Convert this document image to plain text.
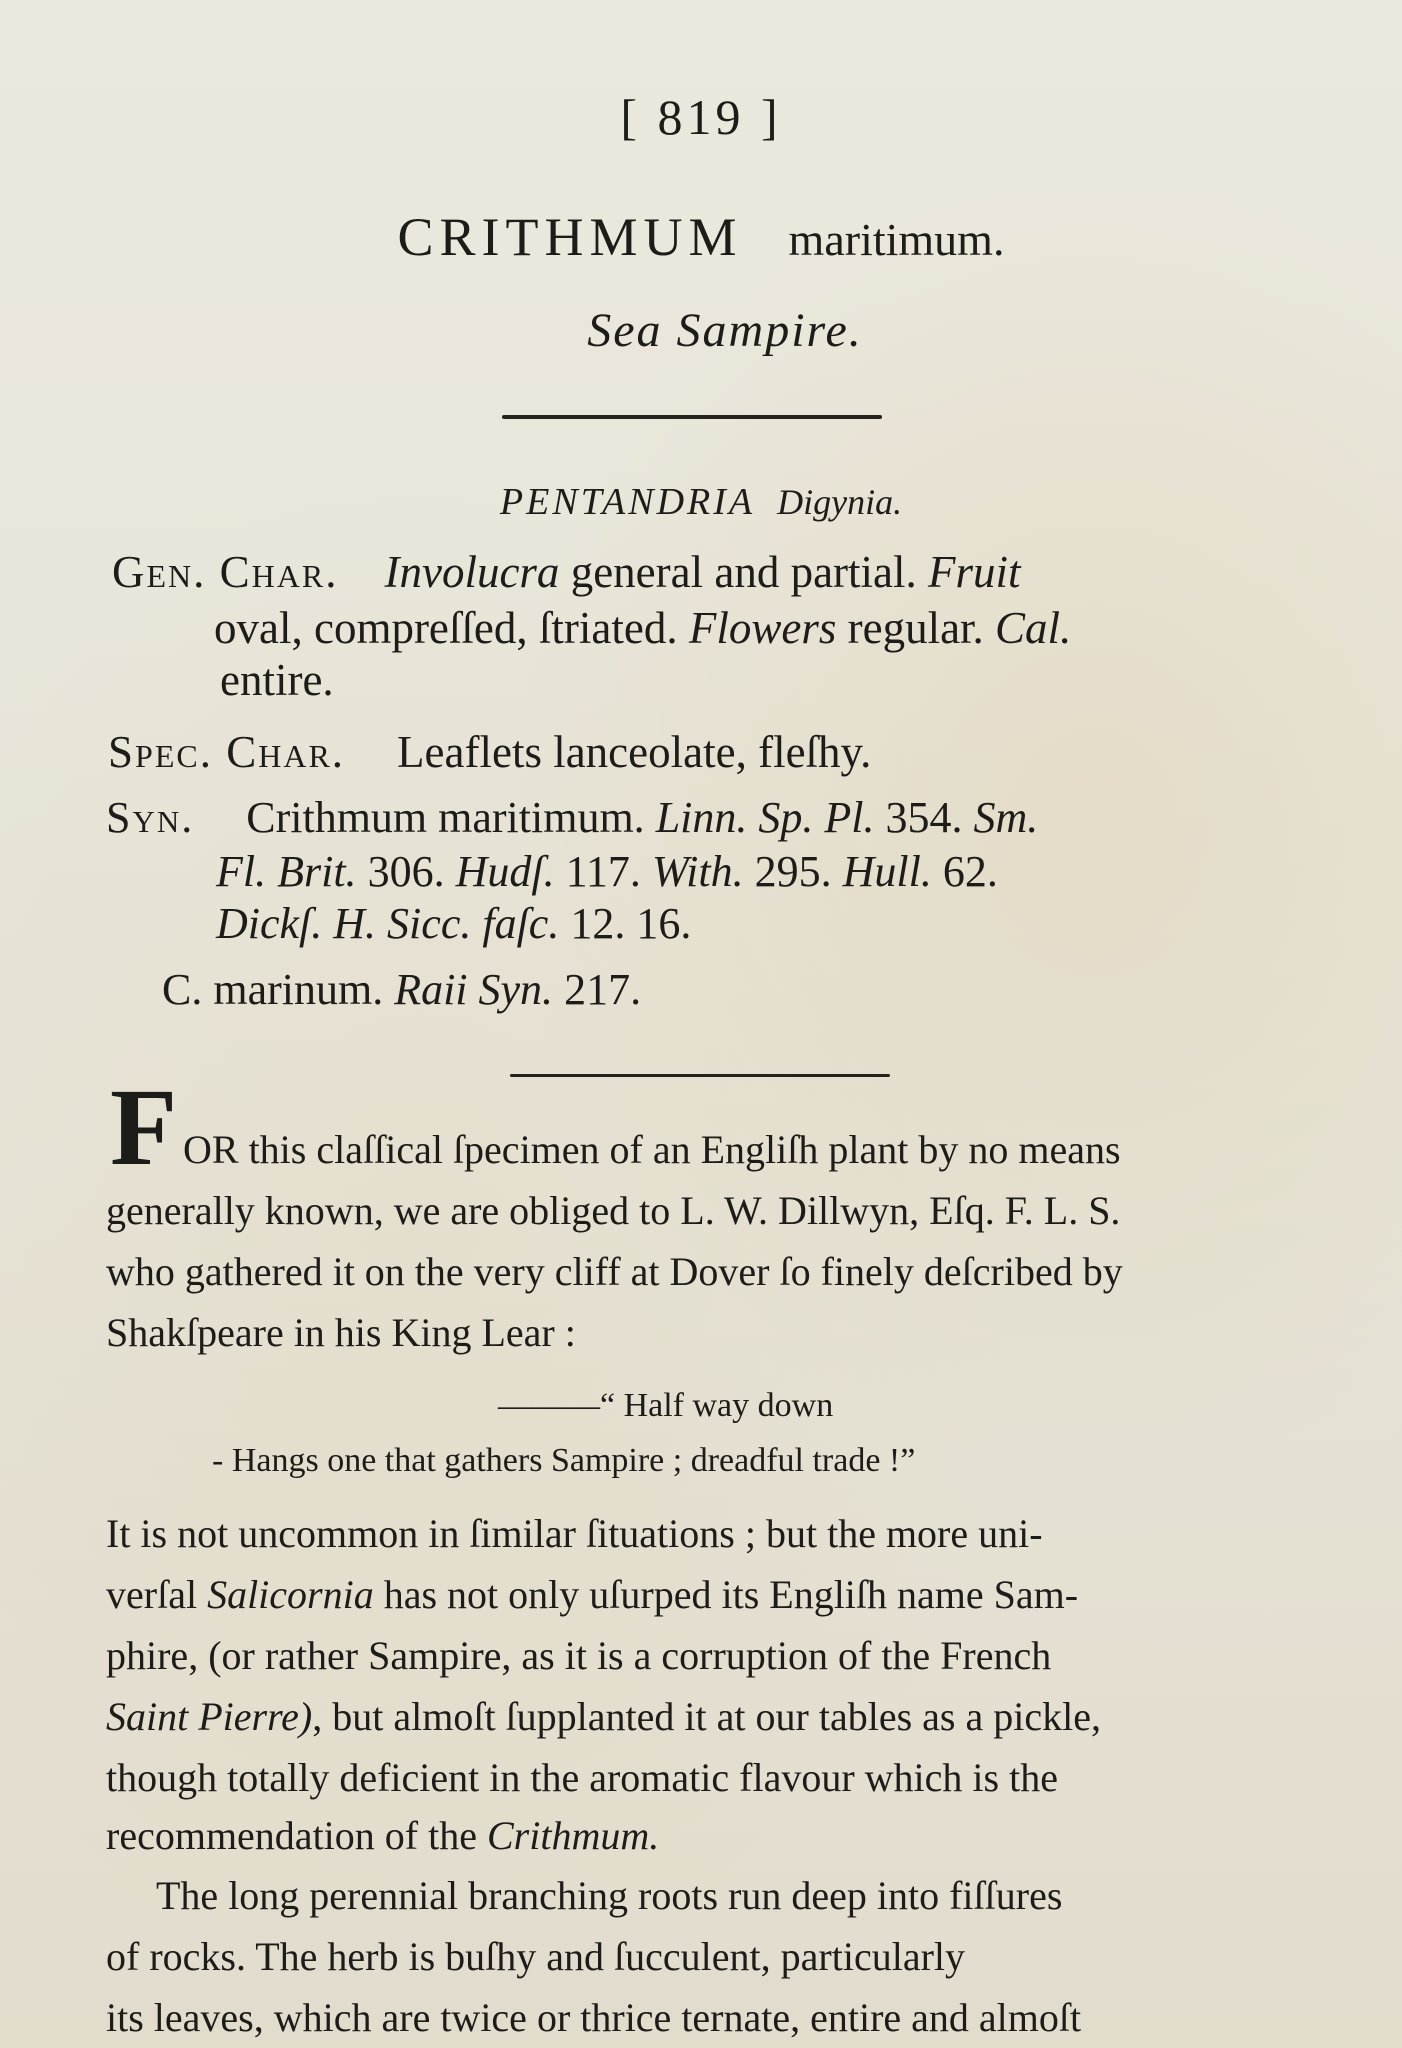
[ 819 ]
CRITHMUM maritimum.
Sea Sampire.
PENTANDRIA Digynia.
Gen. Char. Involucra general and partial. Fruit
oval, compreſſed, ſtriated. Flowers regular. Cal.
entire.
Spec. Char. Leaflets lanceolate, fleſhy.
Syn. Crithmum maritimum. Linn. Sp. Pl. 354. Sm.
Fl. Brit. 306. Hudſ. 117. With. 295. Hull. 62.
Dickſ. H. Sicc. faſc. 12. 16.
C. marinum. Raii Syn. 217.
F OR this claſſical ſpecimen of an Engliſh plant by no means
generally known, we are obliged to L. W. Dillwyn, Eſq. F. L. S.
who gathered it on the very cliff at Dover ſo finely deſcribed by
Shakſpeare in his King Lear :
———“ Half way down
- Hangs one that gathers Sampire ; dreadful trade !”
It is not uncommon in ſimilar ſituations ; but the more uni-
verſal Salicornia has not only uſurped its Engliſh name Sam-
phire, (or rather Sampire, as it is a corruption of the French
Saint Pierre), but almoſt ſupplanted it at our tables as a pickle,
though totally deficient in the aromatic flavour which is the
recommendation of the Crithmum.
The long perennial branching roots run deep into fiſſures
of rocks. The herb is buſhy and ſucculent, particularly
its leaves, which are twice or thrice ternate, entire and almoſt
